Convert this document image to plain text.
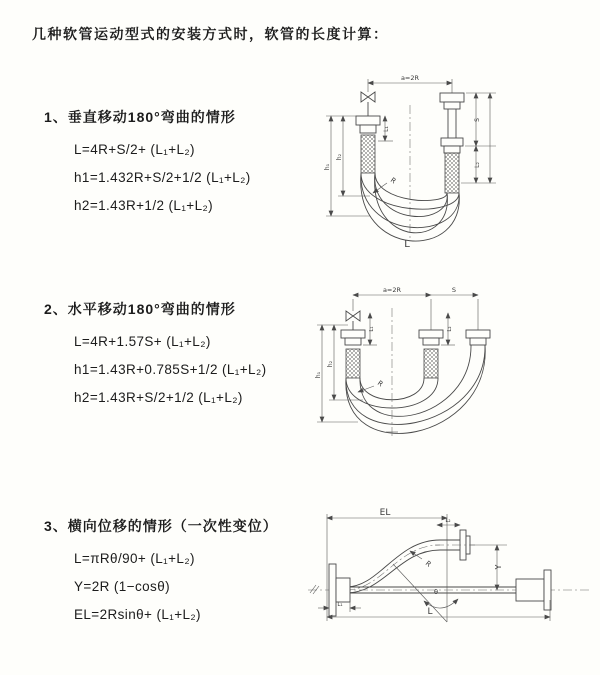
几种软管运动型式的安装方式时，软管的长度计算：
1、垂直移动180°弯曲的情形
L=4R+S/2+ (L₁+L₂)
h1=1.432R+S/2+1/2 (L₁+L₂)
h2=1.43R+1/2 (L₁+L₂)
2、水平移动180°弯曲的情形
L=4R+1.57S+ (L₁+L₂)
h1=1.43R+0.785S+1/2 (L₁+L₂)
h2=1.43R+S/2+1/2 (L₁+L₂)
3、横向位移的情形（一次性变位）
L=πRθ/90+ (L₁+L₂)
Y=2R (1−cosθ)
EL=2Rsinθ+ (L₁+L₂)
a=2R
L₁
S
L₂
h₁
h₂
R
L
a=2R	S
L₁	L₂
h₁
h₂
R
EL
L₂
Y
θ
R
L
L₁
